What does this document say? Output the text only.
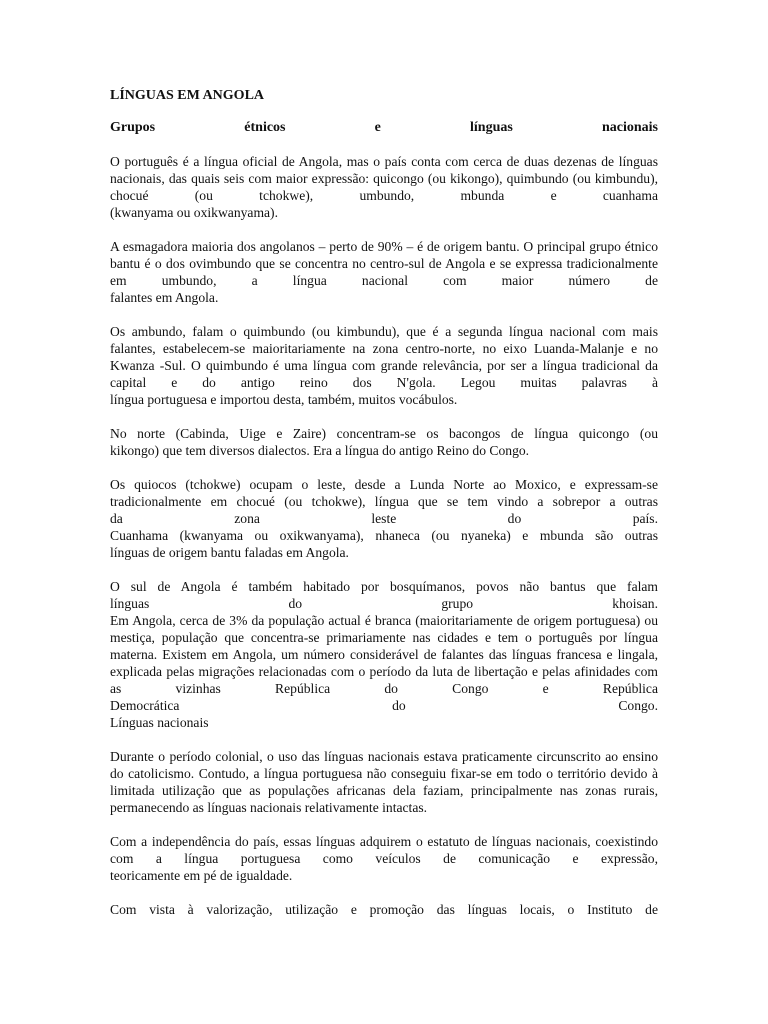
LÍNGUAS EM ANGOLA
Grupos étnicos e línguas nacionais

O português é a língua oficial de Angola, mas o país conta com cerca de duas dezenas de línguas nacionais, das quais seis com maior expressão: quicongo (ou kikongo), quimbundo (ou kimbundu), chocué (ou tchokwe), umbundo, mbunda e cuanhama
(kwanyama ou oxikwanyama).

A esmagadora maioria dos angolanos – perto de 90% – é de origem bantu. O principal grupo étnico bantu é o dos ovimbundo que se concentra no centro-sul de Angola e se expressa tradicionalmente em umbundo, a língua nacional com maior número de
falantes em Angola.

Os ambundo, falam o quimbundo (ou kimbundu), que é a segunda língua nacional com mais falantes, estabelecem-se maioritariamente na zona centro-norte, no eixo Luanda-Malanje e no Kwanza -Sul. O quimbundo é uma língua com grande relevância, por ser a língua tradicional da capital e do antigo reino dos N'gola. Legou muitas palavras à
língua portuguesa e importou desta, também, muitos vocábulos.

No norte (Cabinda, Uige e Zaire) concentram-se os bacongos de língua quicongo (ou
kikongo) que tem diversos dialectos. Era a língua do antigo Reino do Congo.

Os quiocos (tchokwe) ocupam o leste, desde a Lunda Norte ao Moxico, e expressam-se tradicionalmente em chocué (ou tchokwe), língua que se tem vindo a sobrepor a outras
da zona leste do país.
Cuanhama (kwanyama ou oxikwanyama), nhaneca (ou nyaneka) e mbunda são outras
línguas de origem bantu faladas em Angola.

O sul de Angola é também habitado por bosquímanos, povos não bantus que falam
línguas do grupo khoisan.
Em Angola, cerca de 3% da população actual é branca (maioritariamente de origem portuguesa) ou mestiça, população que concentra-se primariamente nas cidades e tem o português por língua materna. Existem em Angola, um número considerável de falantes das línguas francesa e lingala, explicada pelas migrações relacionadas com o período da luta de libertação e pelas afinidades com as vizinhas República do Congo e República
Democrática do Congo.
Línguas nacionais

Durante o período colonial, o uso das línguas nacionais estava praticamente circunscrito ao ensino do catolicismo. Contudo, a língua portuguesa não conseguiu fixar-se em todo o território devido à limitada utilização que as populações africanas dela faziam, principalmente nas zonas rurais, permanecendo as línguas nacionais relativamente intactas.

Com a independência do país, essas línguas adquirem o estatuto de línguas nacionais, coexistindo com a língua portuguesa como veículos de comunicação e expressão,
teoricamente em pé de igualdade.

Com vista à valorização, utilização e promoção das línguas locais, o Instituto de
